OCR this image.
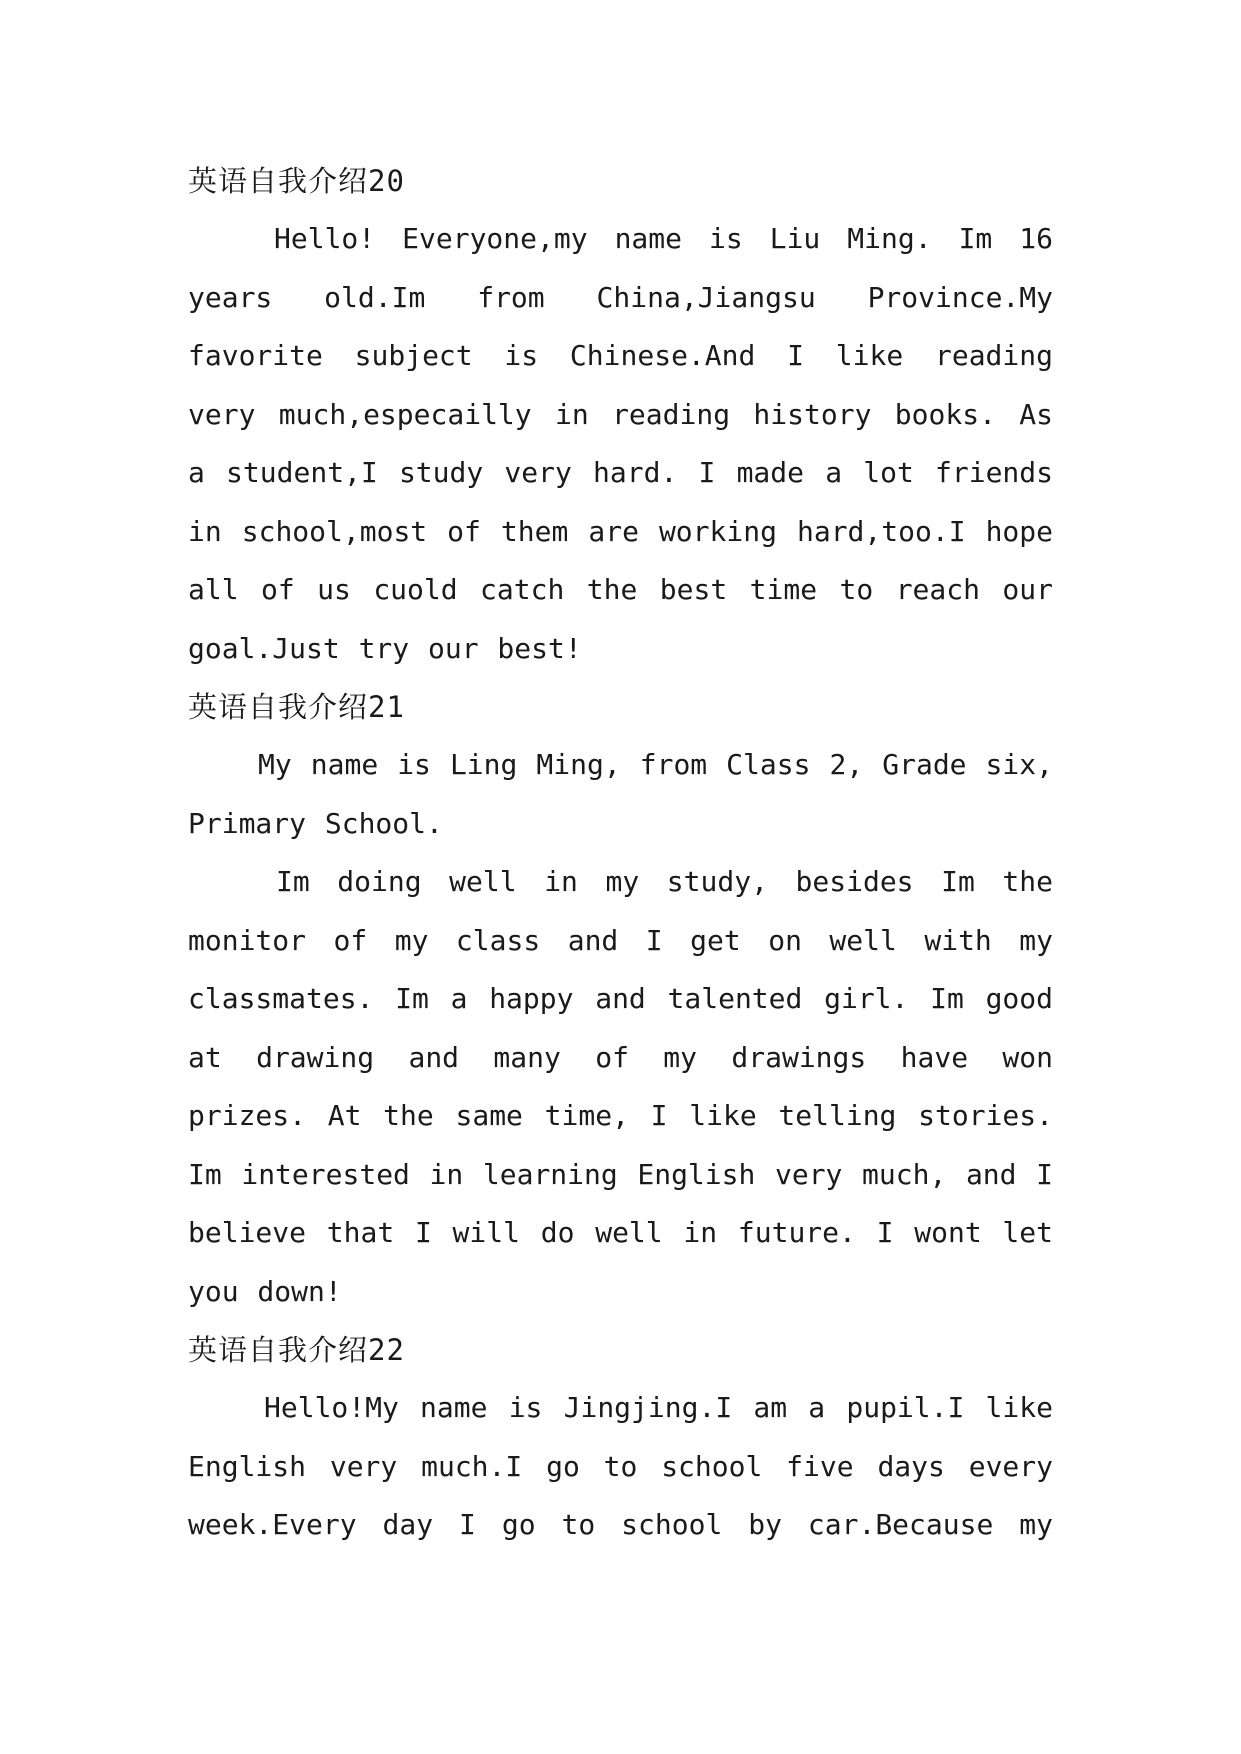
英语自我介绍20

Hello! Everyone,my name is Liu Ming. Im 16 years old.Im from China,Jiangsu Province.My favorite subject is Chinese.And I like reading very much,especailly in reading history books. As a student,I study very hard. I made a lot friends in school,most of them are working hard,too.I hope all of us cuold catch the best time to reach our goal.Just try our best!

英语自我介绍21

My name is Ling Ming, from Class 2, Grade six, Primary School.

Im doing well in my study, besides Im the monitor of my class and I get on well with my classmates. Im a happy and talented girl. Im good at drawing and many of my drawings have won prizes. At the same time, I like telling stories. Im interested in learning English very much, and I believe that I will do well in future. I wont let you down!

英语自我介绍22

Hello!My name is Jingjing.I am a pupil.I like English very much.I go to school five days every week.Every day I go to school by car.Because my
